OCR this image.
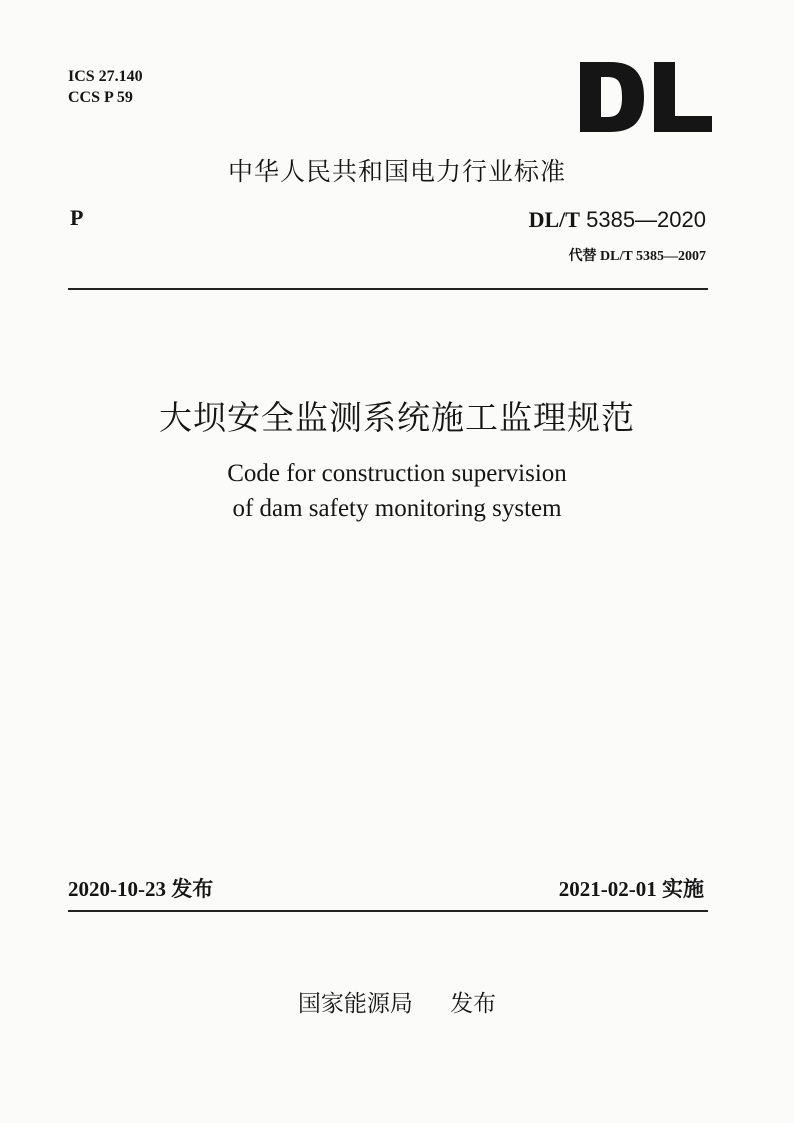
ICS 27.140
CCS P 59
中华人民共和国电力行业标准
P	DL/T 5385—2020
代替 DL/T 5385—2007
大坝安全监测系统施工监理规范
Code for construction supervision
of dam safety monitoring system
2020-10-23 发布	2021-02-01 实施
国家能源局 发布
